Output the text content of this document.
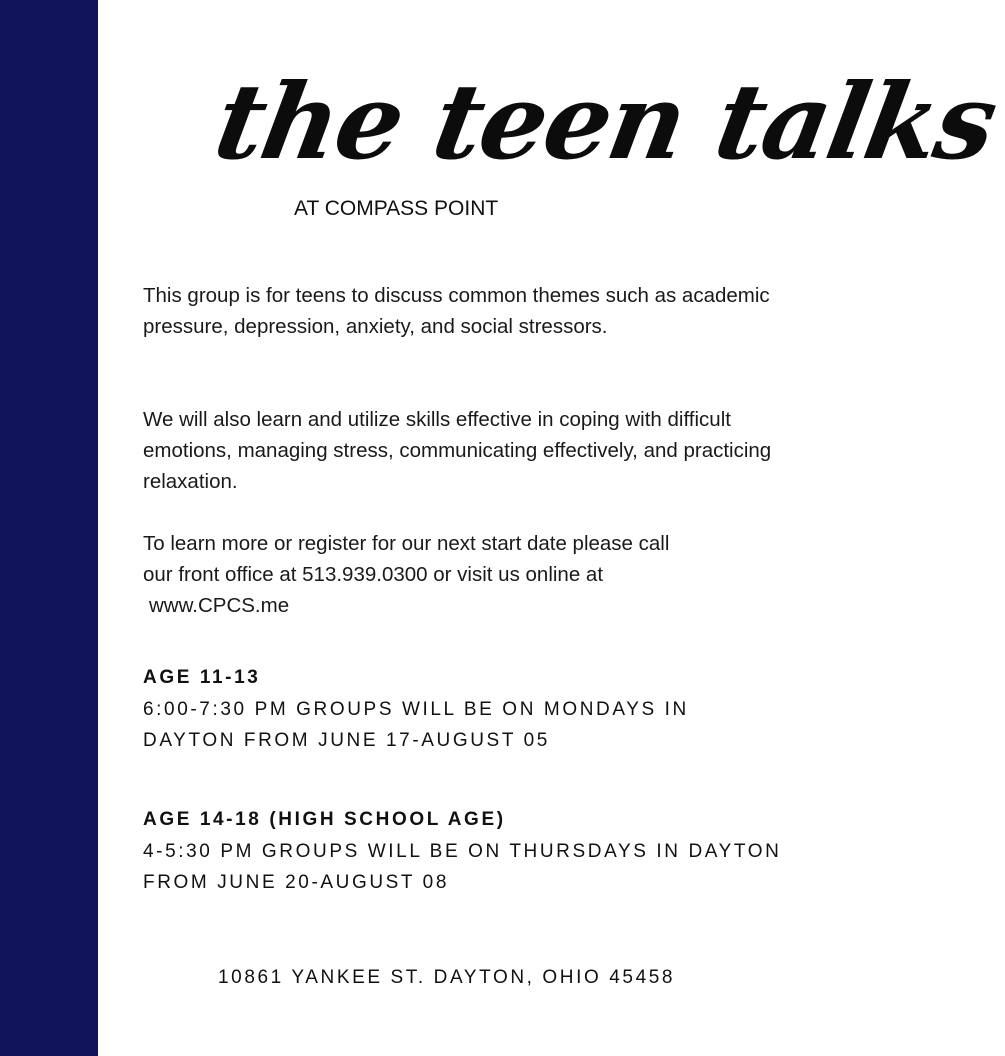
the teen talks
AT COMPASS POINT

This group is for teens to discuss common themes such as academic pressure, depression, anxiety, and social stressors.

We will also learn and utilize skills effective in coping with difficult emotions, managing stress, communicating effectively, and practicing relaxation.

To learn more or register for our next start date please call
our front office at 513.939.0300 or visit us online at
www.CPCS.me
AGE 11-13
6:00-7:30 PM GROUPS WILL BE ON MONDAYS IN DAYTON FROM JUNE 17-AUGUST 05
AGE 14-18 (HIGH SCHOOL AGE)
4-5:30 PM GROUPS WILL BE ON THURSDAYS IN DAYTON FROM JUNE 20-AUGUST 08
10861 YANKEE ST. DAYTON, OHIO 45458
